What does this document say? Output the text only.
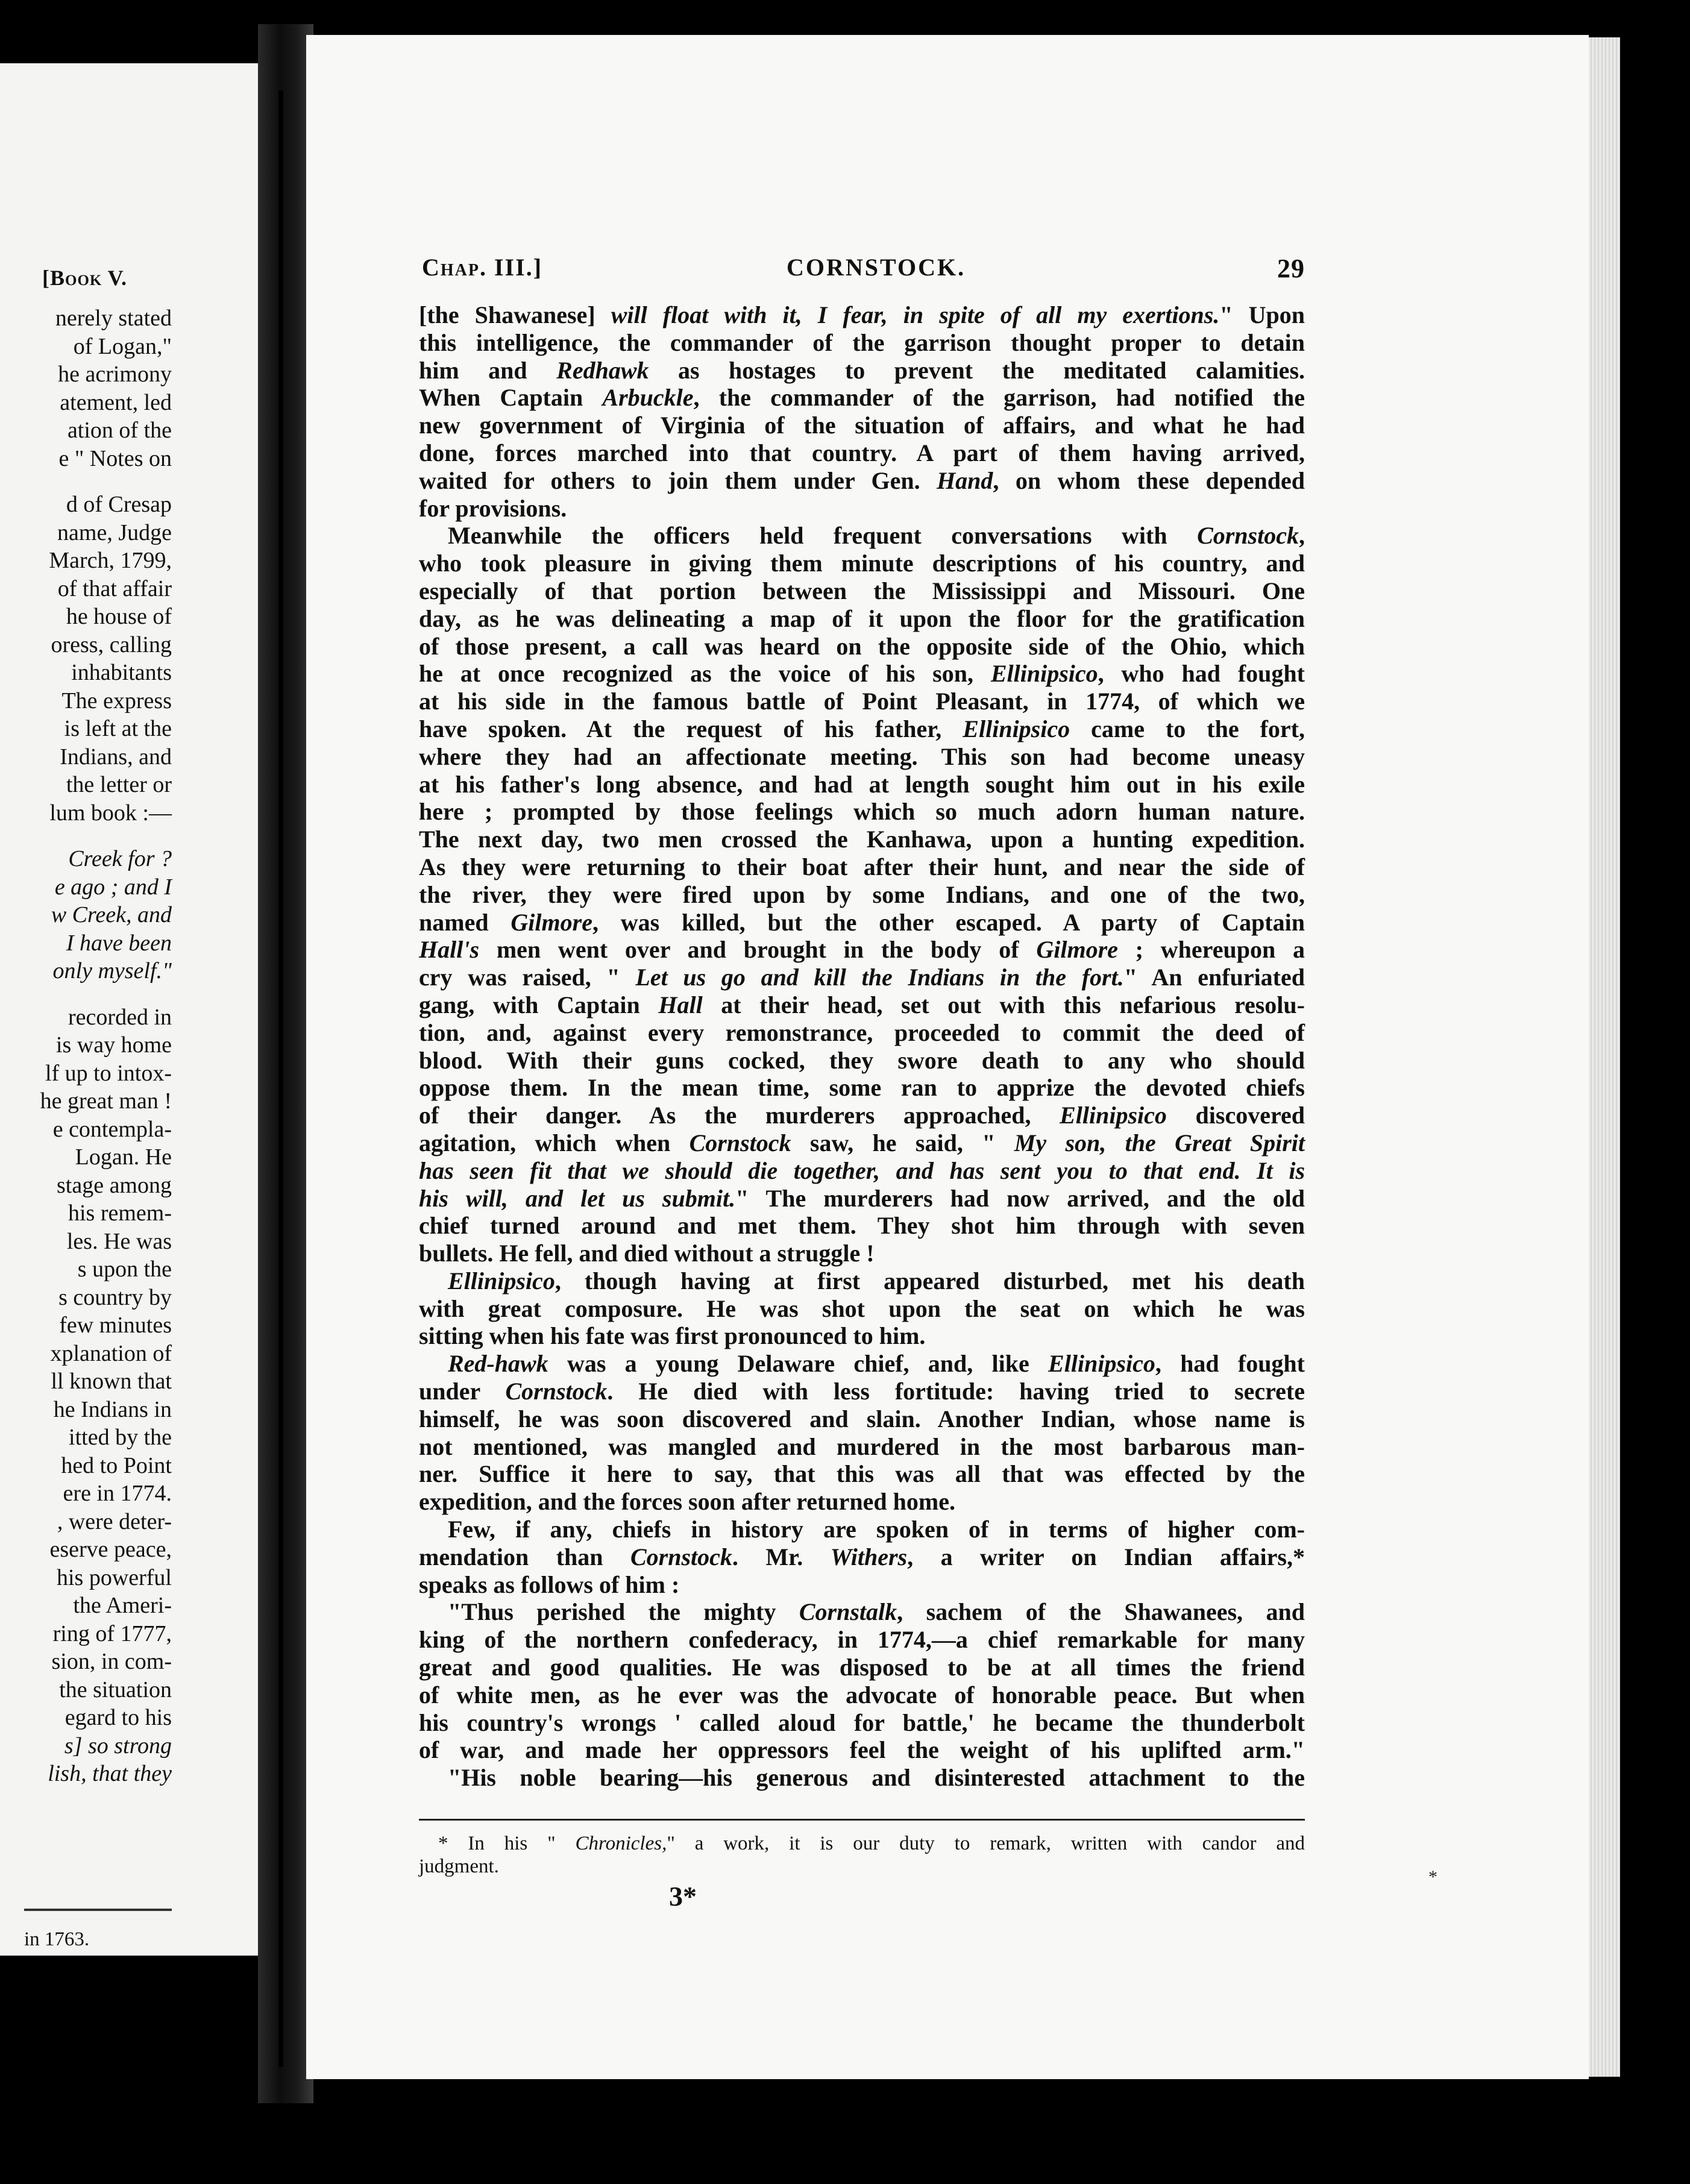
[Book V.
nerely stated
of Logan,"
he acrimony
atement, led
ation of the
e " Notes on
d of Cresap
name, Judge
March, 1799,
of that affair
he house of
oress, calling
inhabitants
The express
is left at the
Indians, and
the letter or
lum book :—
Creek for ?
e ago ; and I
w Creek, and
I have been
only myself."
recorded in
is way home
lf up to intox-
he great man !
e contempla-
Logan. He
stage among
his remem-
les. He was
s upon the
s country by
few minutes
xplanation of
ll known that
he Indians in
itted by the
hed to Point
ere in 1774.
, were deter-
eserve peace,
his powerful
the Ameri-
ring of 1777,
sion, in com-
the situation
egard to his
s] so strong
lish, that they
in 1763.
Chap. III.]	CORNSTOCK.	29
[the Shawanese] will float with it, I fear, in spite of all my exertions." Upon
this intelligence, the commander of the garrison thought proper to detain
him and Redhawk as hostages to prevent the meditated calamities.
When Captain Arbuckle, the commander of the garrison, had notified the
new government of Virginia of the situation of affairs, and what he had
done, forces marched into that country. A part of them having arrived,
waited for others to join them under Gen. Hand, on whom these depended
for provisions.
Meanwhile the officers held frequent conversations with Cornstock,
who took pleasure in giving them minute descriptions of his country, and
especially of that portion between the Mississippi and Missouri. One
day, as he was delineating a map of it upon the floor for the gratification
of those present, a call was heard on the opposite side of the Ohio, which
he at once recognized as the voice of his son, Ellinipsico, who had fought
at his side in the famous battle of Point Pleasant, in 1774, of which we
have spoken. At the request of his father, Ellinipsico came to the fort,
where they had an affectionate meeting. This son had become uneasy
at his father's long absence, and had at length sought him out in his exile
here ; prompted by those feelings which so much adorn human nature.
The next day, two men crossed the Kanhawa, upon a hunting expedition.
As they were returning to their boat after their hunt, and near the side of
the river, they were fired upon by some Indians, and one of the two,
named Gilmore, was killed, but the other escaped. A party of Captain
Hall's men went over and brought in the body of Gilmore ; whereupon a
cry was raised, " Let us go and kill the Indians in the fort." An enfuriated
gang, with Captain Hall at their head, set out with this nefarious resolu-
tion, and, against every remonstrance, proceeded to commit the deed of
blood. With their guns cocked, they swore death to any who should
oppose them. In the mean time, some ran to apprize the devoted chiefs
of their danger. As the murderers approached, Ellinipsico discovered
agitation, which when Cornstock saw, he said, " My son, the Great Spirit
has seen fit that we should die together, and has sent you to that end. It is
his will, and let us submit." The murderers had now arrived, and the old
chief turned around and met them. They shot him through with seven
bullets. He fell, and died without a struggle !
Ellinipsico, though having at first appeared disturbed, met his death
with great composure. He was shot upon the seat on which he was
sitting when his fate was first pronounced to him.
Red-hawk was a young Delaware chief, and, like Ellinipsico, had fought
under Cornstock. He died with less fortitude: having tried to secrete
himself, he was soon discovered and slain. Another Indian, whose name is
not mentioned, was mangled and murdered in the most barbarous man-
ner. Suffice it here to say, that this was all that was effected by the
expedition, and the forces soon after returned home.
Few, if any, chiefs in history are spoken of in terms of higher com-
mendation than Cornstock. Mr. Withers, a writer on Indian affairs,*
speaks as follows of him :
"Thus perished the mighty Cornstalk, sachem of the Shawanees, and
king of the northern confederacy, in 1774,—a chief remarkable for many
great and good qualities. He was disposed to be at all times the friend
of white men, as he ever was the advocate of honorable peace. But when
his country's wrongs ' called aloud for battle,' he became the thunderbolt
of war, and made her oppressors feel the weight of his uplifted arm."
"His noble bearing—his generous and disinterested attachment to the
* In his " Chronicles," a work, it is our duty to remark, written with candor and
judgment.
3*
*
